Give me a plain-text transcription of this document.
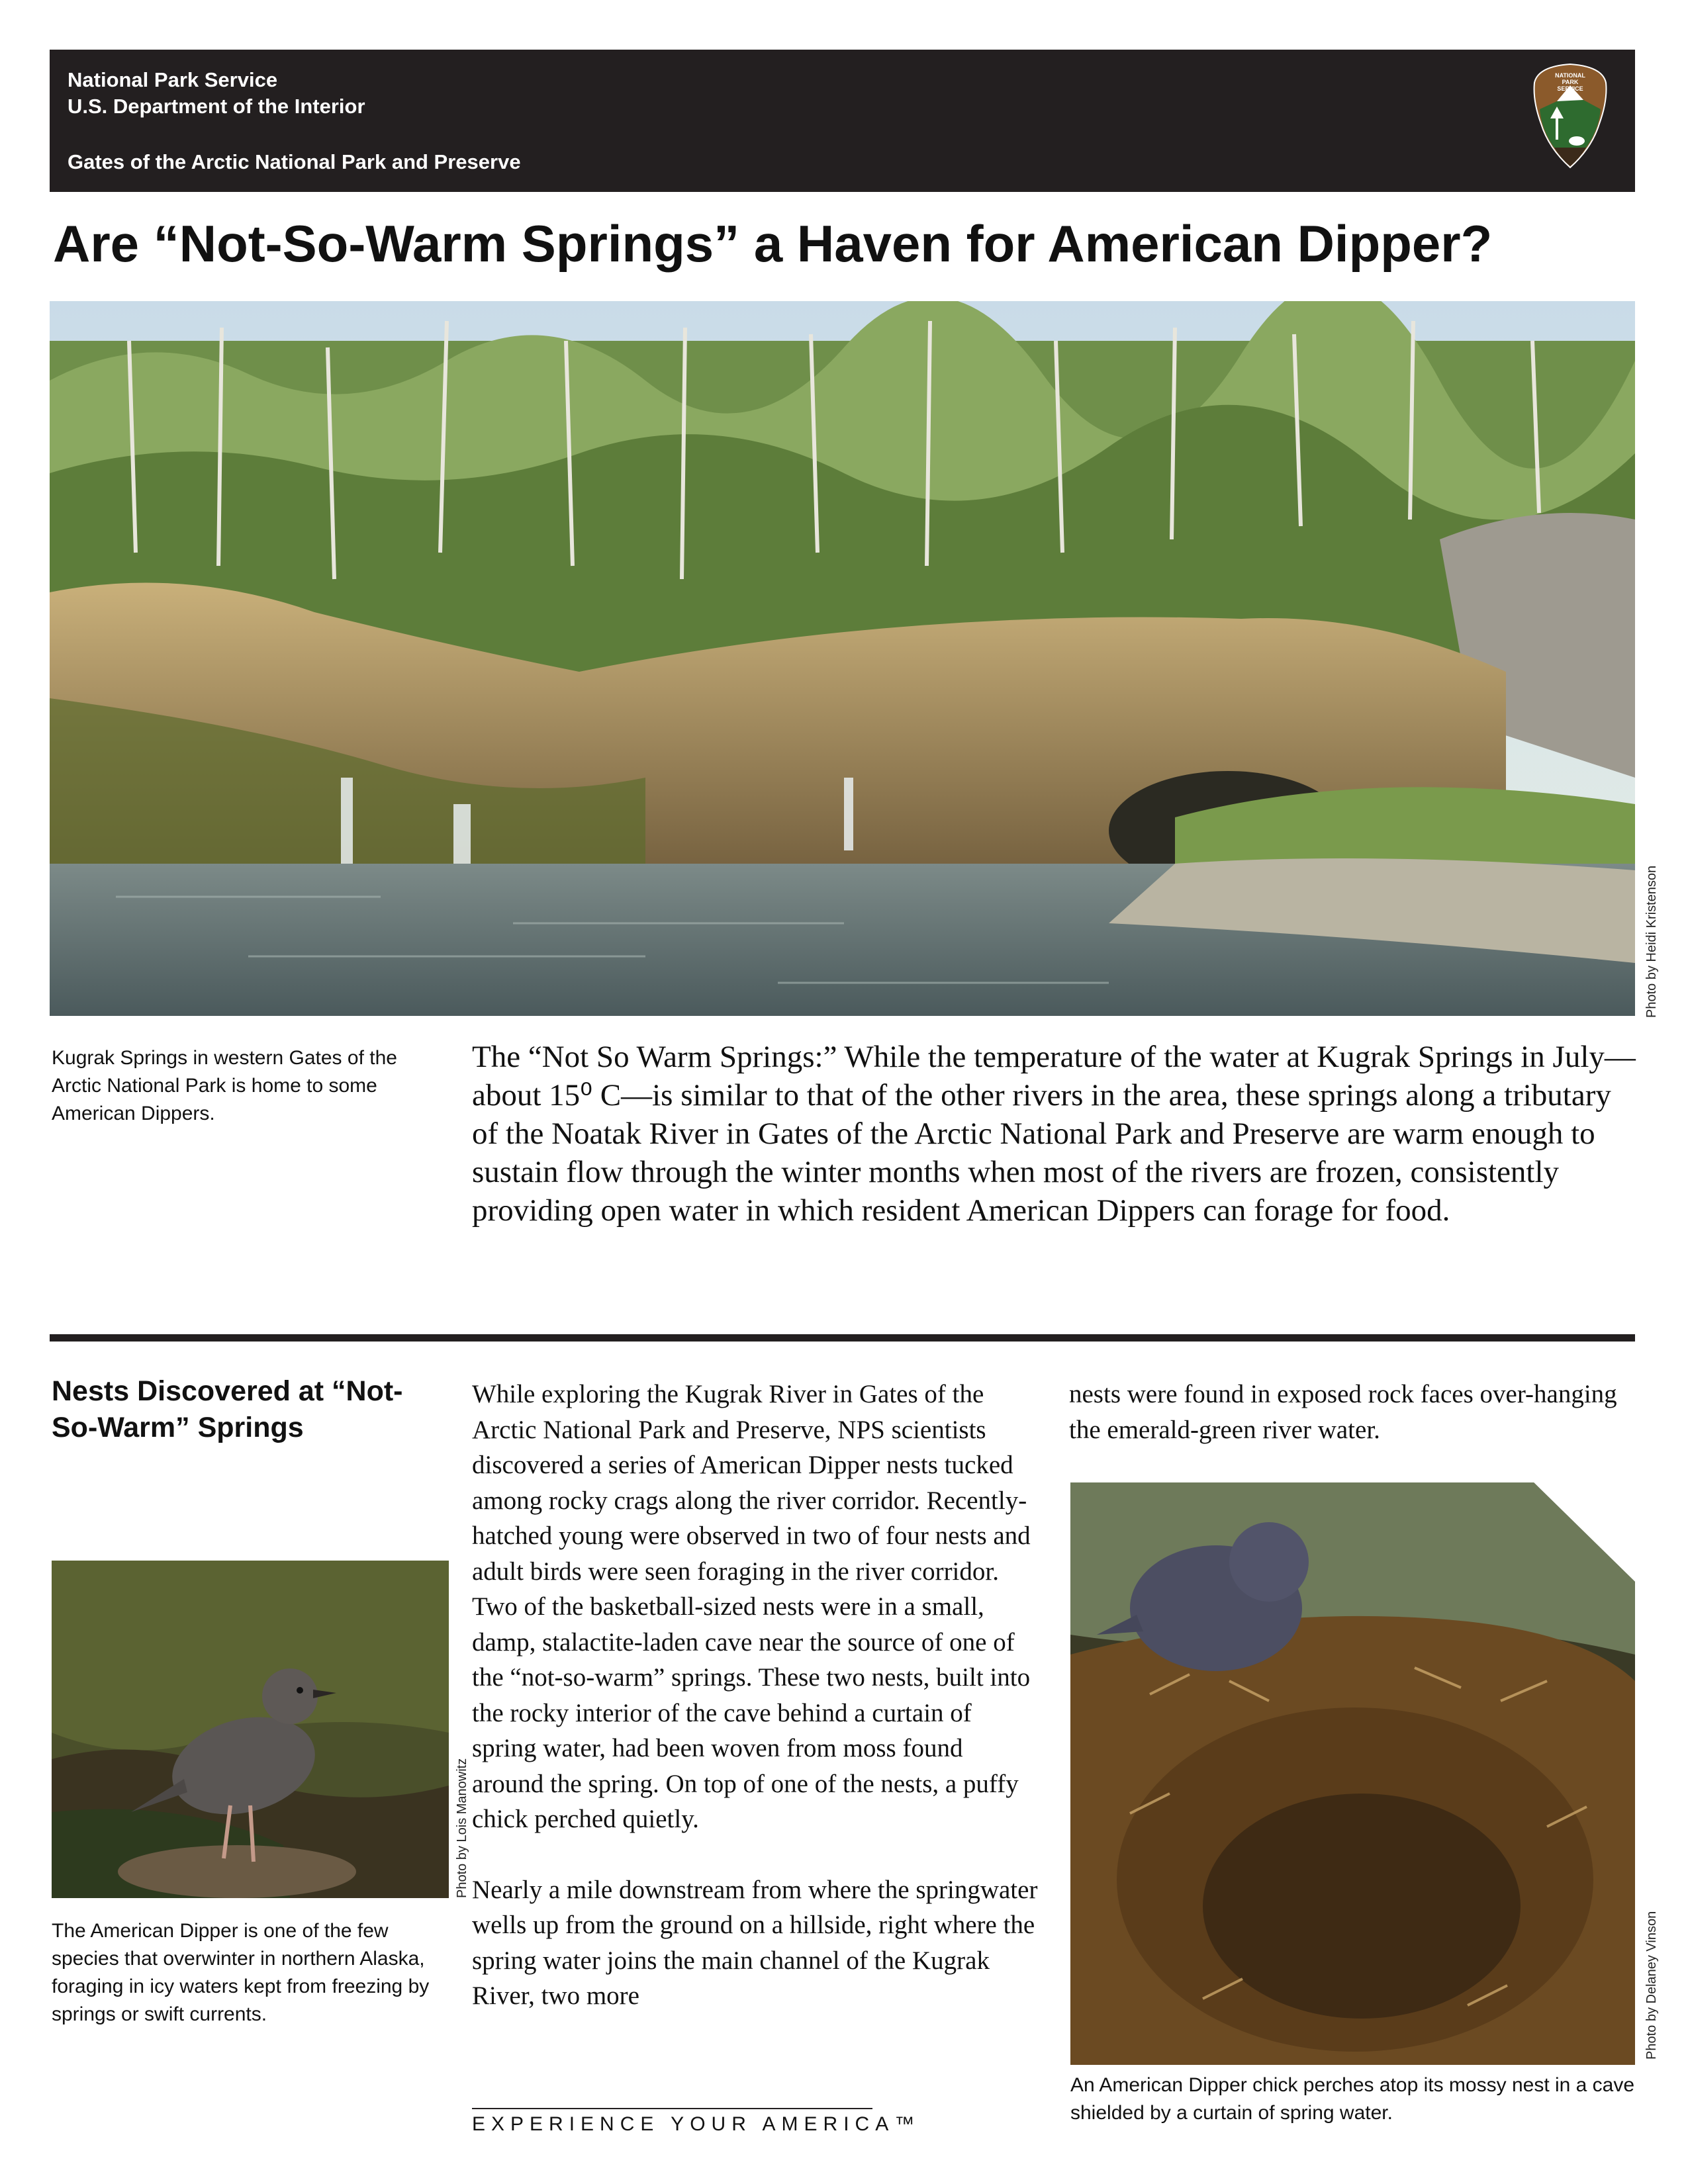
National Park Service
U.S. Department of the Interior
Gates of the Arctic National Park and Preserve
NATIONAL
PARK
SERVICE
Are “Not-So-Warm Springs” a Haven for American Dipper?
Photo by Heidi Kristenson
Kugrak Springs in western Gates of the Arctic National Park is home to some American Dippers.

The “Not So Warm Springs:” While the temperature of the water at Kugrak Springs in July—about 15⁰ C—is similar to that of the other rivers in the area, these springs along a tributary of the Noatak River in Gates of the Arctic National Park and Preserve are warm enough to sustain flow through the winter months when most of the rivers are frozen, consistently providing open water in which resident American Dippers can forage for food.

Nests Discovered at “Not-So-Warm” Springs
Photo by Lois Manowitz
The American Dipper is one of the few species that overwinter in northern Alaska, foraging in icy waters kept from freezing by springs or swift currents.

While exploring the Kugrak River in Gates of the Arctic National Park and Preserve, NPS scientists discovered a series of American Dipper nests tucked among rocky crags along the river corridor. Recently-hatched young were observed in two of four nests and adult birds were seen foraging in the river corridor. Two of the basketball-sized nests were in a small, damp, stalactite-laden cave near the source of one of the “not-so-warm” springs. These two nests, built into the rocky interior of the cave behind a curtain of spring water, had been woven from moss found around the spring. On top of one of the nests, a puffy chick perched quietly.

Nearly a mile downstream from where the springwater wells up from the ground on a hillside, right where the spring water joins the main channel of the Kugrak River, two more

nests were found in exposed rock faces over-hanging the emerald-green river water.

Photo by Delaney Vinson
An American Dipper chick perches atop its mossy nest in a cave shielded by a curtain of spring water.
EXPERIENCE YOUR AMERICA™
